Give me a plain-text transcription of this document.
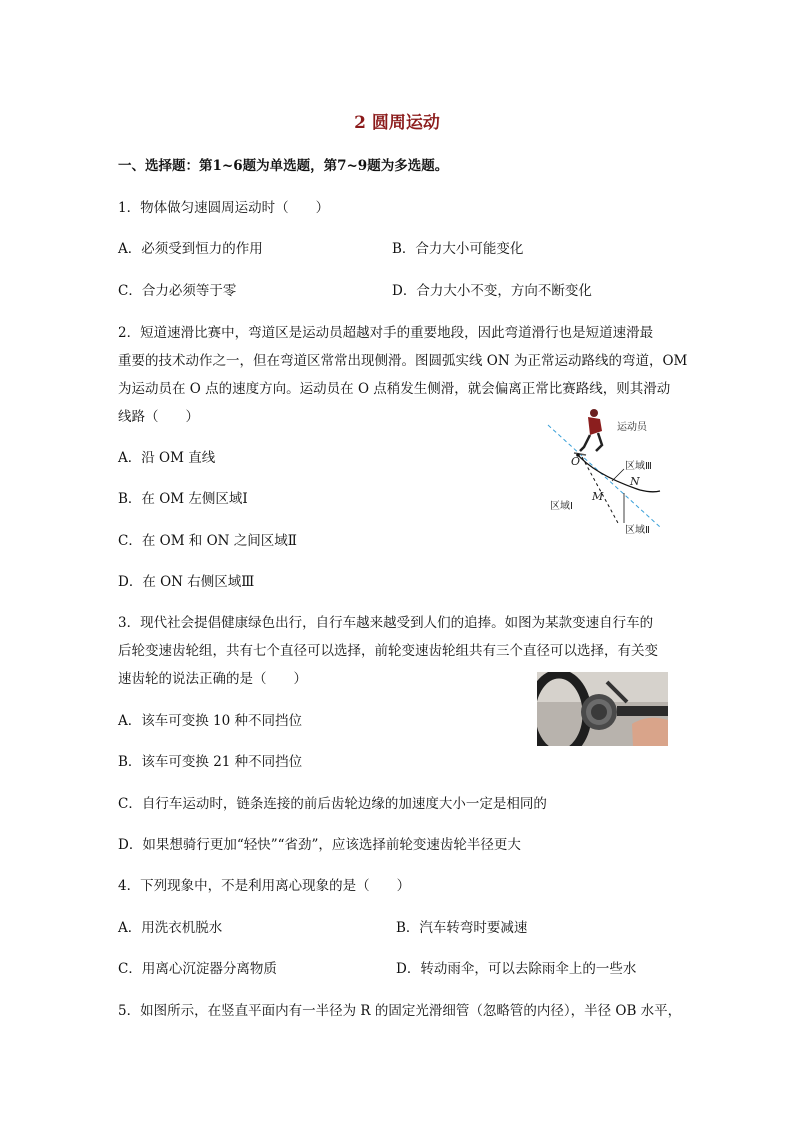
2 圆周运动
一、选择题：第1~6题为单选题，第7~9题为多选题。
1．物体做匀速圆周运动时（　　）
A．必须受到恒力的作用	B．合力大小可能变化
C．合力必须等于零	D．合力大小不变，方向不断变化
2．短道速滑比赛中，弯道区是运动员超越对手的重要地段，因此弯道滑行也是短道速滑最
重要的技术动作之一，但在弯道区常常出现侧滑。图圆弧实线 ON 为正常运动路线的弯道，OM
为运动员在 O 点的速度方向。运动员在 O 点稍发生侧滑，就会偏离正常比赛路线，则其滑动
线路（　　）
A．沿 OM 直线
B．在 OM 左侧区域Ⅰ
C．在 OM 和 ON 之间区域Ⅱ
D．在 ON 右侧区域Ⅲ
O
M
N
运动员
区域Ⅲ
区域Ⅰ
区域Ⅱ
3．现代社会提倡健康绿色出行，自行车越来越受到人们的追捧。如图为某款变速自行车的
后轮变速齿轮组，共有七个直径可以选择，前轮变速齿轮组共有三个直径可以选择，有关变
速齿轮的说法正确的是（　　）
A．该车可变换 10 种不同挡位
B．该车可变换 21 种不同挡位
C．自行车运动时，链条连接的前后齿轮边缘的加速度大小一定是相同的
D．如果想骑行更加“轻快”“省劲”，应该选择前轮变速齿轮半径更大
4．下列现象中，不是利用离心现象的是（　　）
A．用洗衣机脱水	B．汽车转弯时要减速
C．用离心沉淀器分离物质	D．转动雨伞，可以去除雨伞上的一些水
5．如图所示，在竖直平面内有一半径为 R 的固定光滑细管（忽略管的内径），半径 OB 水平，
